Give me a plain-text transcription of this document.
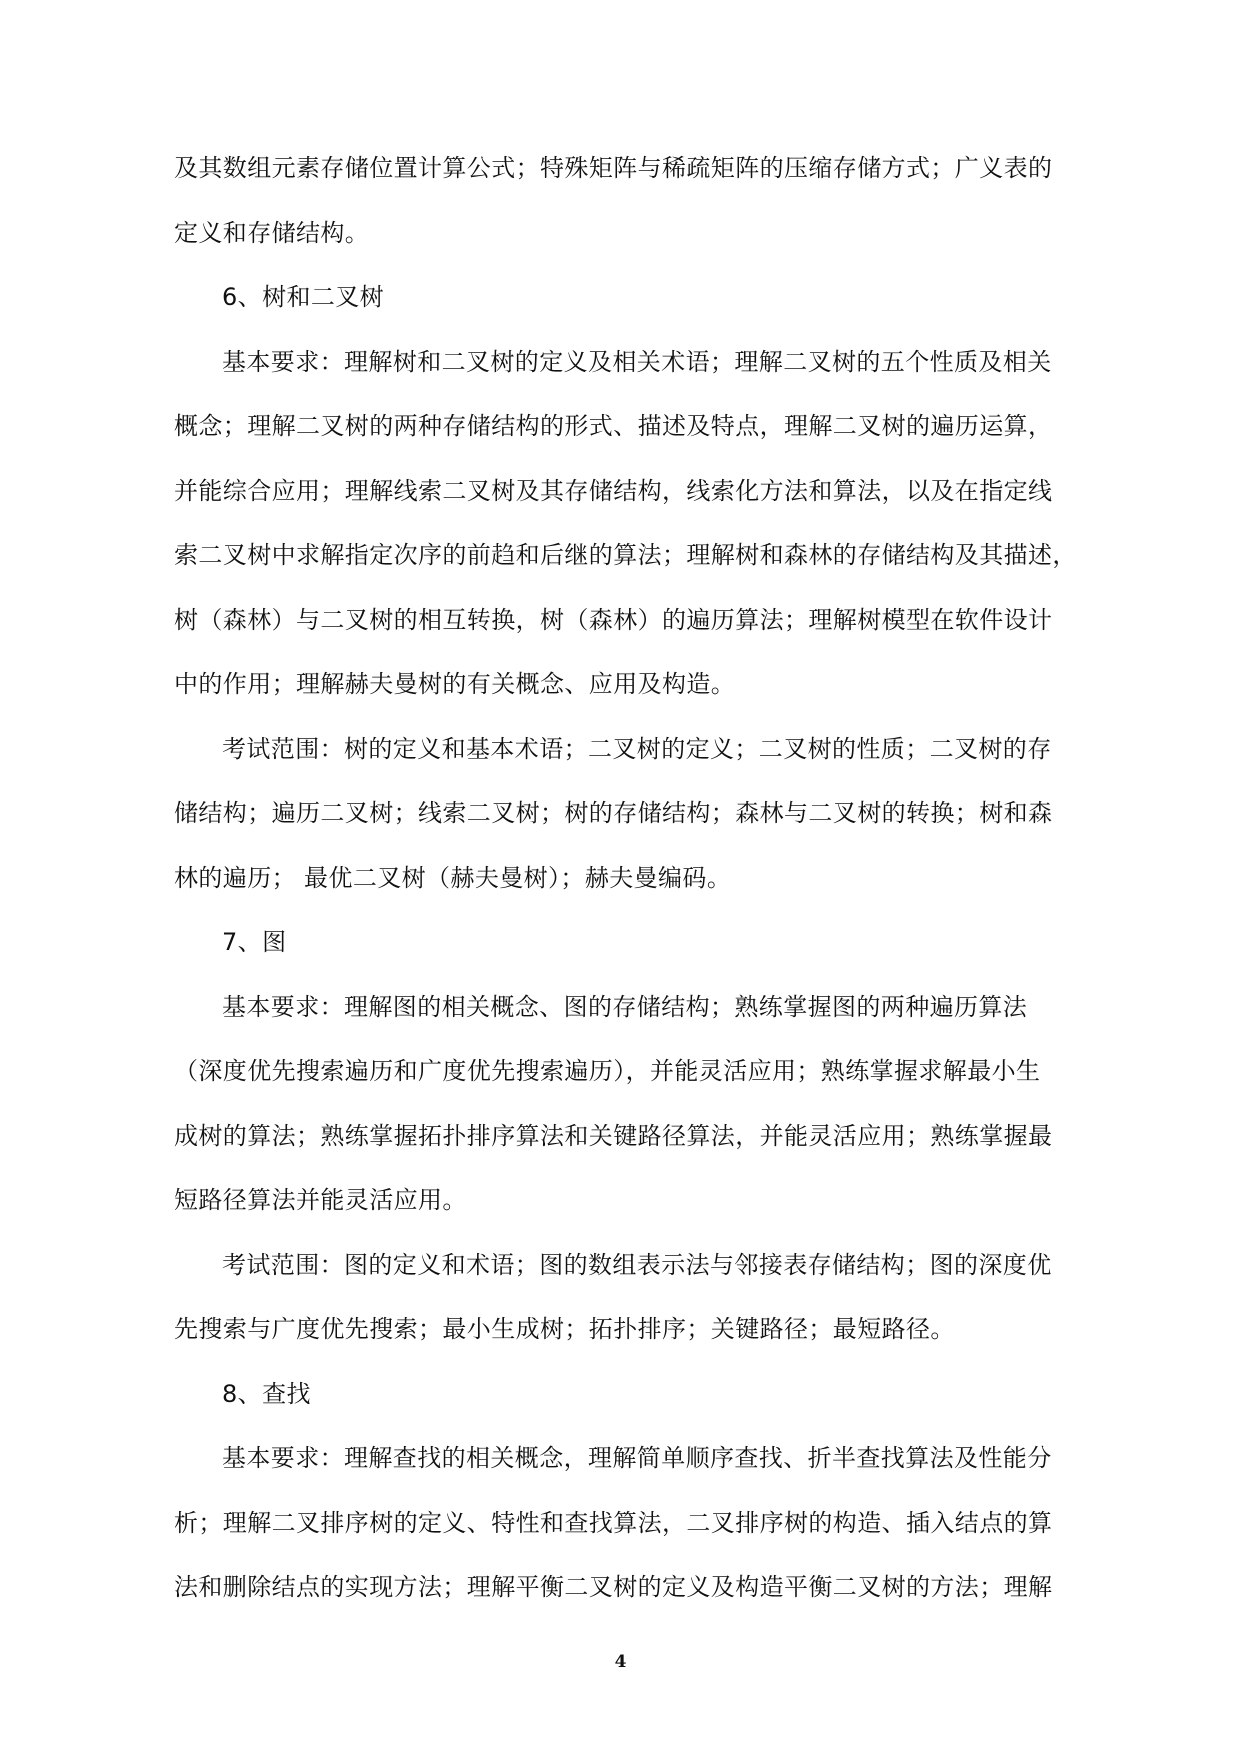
及其数组元素存储位置计算公式；特殊矩阵与稀疏矩阵的压缩存储方式；广义表的
定义和存储结构。
6、树和二叉树
基本要求：理解树和二叉树的定义及相关术语；理解二叉树的五个性质及相关
概念；理解二叉树的两种存储结构的形式、描述及特点，理解二叉树的遍历运算，
并能综合应用；理解线索二叉树及其存储结构，线索化方法和算法，以及在指定线
索二叉树中求解指定次序的前趋和后继的算法；理解树和森林的存储结构及其描述，
树（森林）与二叉树的相互转换，树（森林）的遍历算法；理解树模型在软件设计
中的作用；理解赫夫曼树的有关概念、应用及构造。
考试范围：树的定义和基本术语；二叉树的定义；二叉树的性质；二叉树的存
储结构；遍历二叉树；线索二叉树；树的存储结构；森林与二叉树的转换；树和森
林的遍历； 最优二叉树（赫夫曼树）；赫夫曼编码。
7、图
基本要求：理解图的相关概念、图的存储结构；熟练掌握图的两种遍历算法
（深度优先搜索遍历和广度优先搜索遍历），并能灵活应用；熟练掌握求解最小生
成树的算法；熟练掌握拓扑排序算法和关键路径算法，并能灵活应用；熟练掌握最
短路径算法并能灵活应用。
考试范围：图的定义和术语；图的数组表示法与邻接表存储结构；图的深度优
先搜索与广度优先搜索；最小生成树；拓扑排序；关键路径；最短路径。
8、查找
基本要求：理解查找的相关概念，理解简单顺序查找、折半查找算法及性能分
析；理解二叉排序树的定义、特性和查找算法，二叉排序树的构造、插入结点的算
法和删除结点的实现方法；理解平衡二叉树的定义及构造平衡二叉树的方法；理解
4
